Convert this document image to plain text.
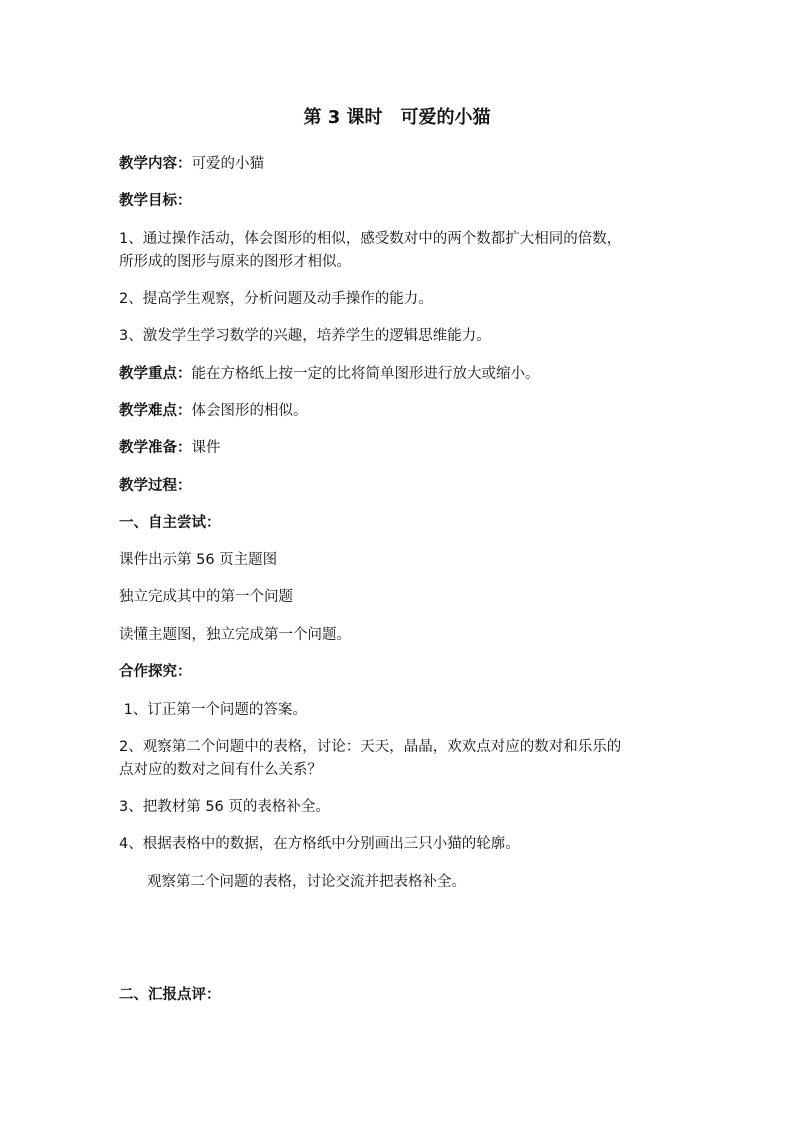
第 3 课时　可爱的小猫
教学内容：可爱的小猫
教学目标：
1、通过操作活动，体会图形的相似，感受数对中的两个数都扩大相同的倍数，
所形成的图形与原来的图形才相似。
2、提高学生观察，分析问题及动手操作的能力。
3、激发学生学习数学的兴趣，培养学生的逻辑思维能力。
教学重点：能在方格纸上按一定的比将简单图形进行放大或缩小。
教学难点：体会图形的相似。
教学准备：课件
教学过程：
一、自主尝试：
课件出示第 56 页主题图
独立完成其中的第一个问题
读懂主题图，独立完成第一个问题。
合作探究：
1、订正第一个问题的答案。
2、观察第二个问题中的表格，讨论：天天，晶晶，欢欢点对应的数对和乐乐的
点对应的数对之间有什么关系？
3、把教材第 56 页的表格补全。
4、根据表格中的数据，在方格纸中分别画出三只小猫的轮廓。
观察第二个问题的表格，讨论交流并把表格补全。
二、汇报点评：
